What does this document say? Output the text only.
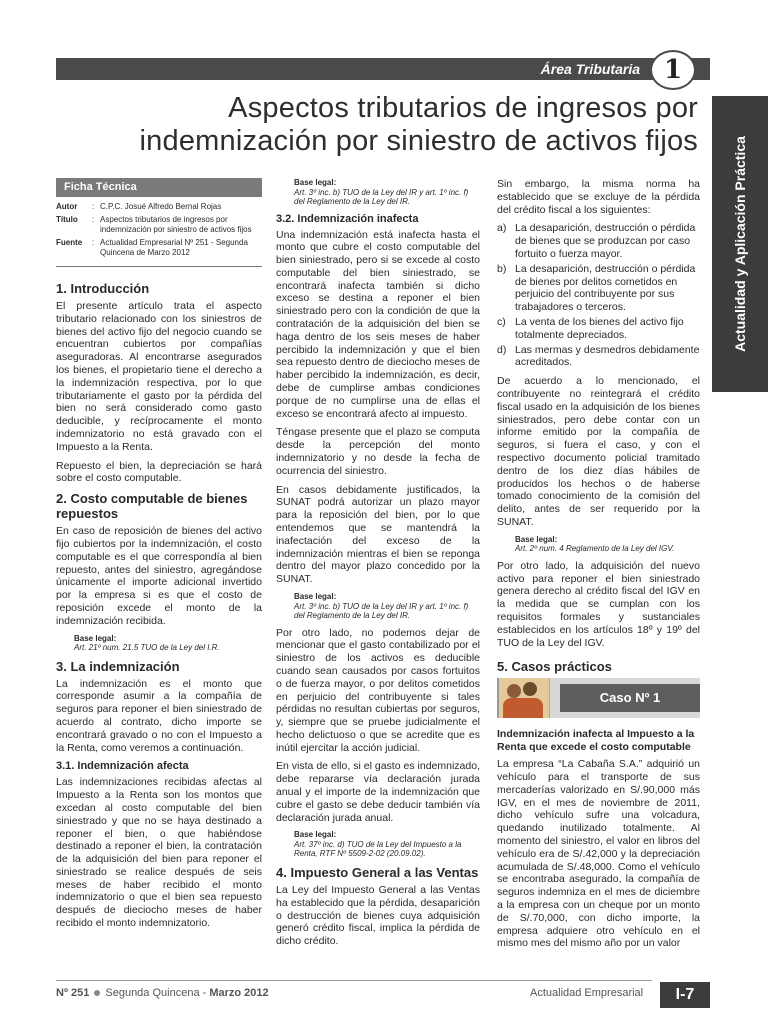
Área Tributaria 1
Actualidad y Aplicación Práctica
Aspectos tributarios de ingresos por
indemnización por siniestro de activos fijos
Ficha Técnica
Autor	: C.P.C. Josué Alfredo Bernal Rojas
Título	: Aspectos tributarios de ingresos por indemnización por siniestro de activos fijos
Fuente	: Actualidad Empresarial Nº 251 - Segunda Quincena de Marzo 2012
1. Introducción

El presente artículo trata el aspecto tributario relacionado con los siniestros de bienes del activo fijo del negocio cuando se encuentran cubiertos por compañías aseguradoras. Al encontrarse asegurados los bienes, el propietario tiene el derecho a la indemnización respectiva, por lo que tributariamente el gasto por la pérdida del bien no será considerado como gasto deducible, y recíprocamente el monto indemnizatorio no está gravado con el Impuesto a la Renta.

Repuesto el bien, la depreciación se hará sobre el costo computable.

2. Costo computable de bienes repuestos

En caso de reposición de bienes del activo fijo cubiertos por la indemnización, el costo computable es el que correspondía al bien repuesto, antes del siniestro, agregándose únicamente el importe adicional invertido por la empresa si es que el costo de reposición excede el monto de la indemnización recibida.

Base legal:
Art. 21º num. 21.5 TUO de la Ley del I.R.
3. La indemnización

La indemnización es el monto que corresponde asumir a la compañía de seguros para reponer el bien siniestrado de acuerdo al contrato, dicho importe se encontrará gravado o no con el Impuesto a la Renta, como veremos a continuación.

3.1. Indemnización afecta

Las indemnizaciones recibidas afectas al Impuesto a la Renta son los montos que excedan al costo computable del bien siniestrado y que no se haya destinado a reponer el bien, o que habiéndose destinado a reponer el bien, la contratación de la adquisición del bien para reponer el siniestrado se realice después de seis meses de haber recibido el monto indemnizatorio o que el bien sea repuesto después de dieciocho meses de haber recibido el monto indemnizatorio.

Base legal:
Art. 3º inc. b) TUO de la Ley del IR y art. 1º inc. f) del Reglamento de la Ley del IR.
3.2. Indemnización inafecta

Una indemnización está inafecta hasta el monto que cubre el costo computable del bien siniestrado, pero si se excede al costo computable del bien siniestrado, se encontrará inafecta también si dicho exceso se destina a reponer el bien siniestrado pero con la condición de que la contratación de la adquisición del bien se haga dentro de los seis meses de haber percibido la indemnización y que el bien sea repuesto dentro de dieciocho meses de haber percibido la indemnización, es decir, debe de cumplirse ambas condiciones porque de no cumplirse una de ellas el exceso se encontrará afecto al impuesto.

Téngase presente que el plazo se computa desde la percepción del monto indemnizatorio y no desde la fecha de ocurrencia del siniestro.

En casos debidamente justificados, la SUNAT podrá autorizar un plazo mayor para la reposición del bien, por lo que entendemos que se mantendrá la inafectación del exceso de la indemnización mientras el bien se reponga dentro del mayor plazo concedido por la SUNAT.

Base legal:
Art. 3º inc. b) TUO de la Ley del IR y art. 1º inc. f) del Reglamento de la Ley del IR.

Por otro lado, no podemos dejar de mencionar que el gasto contabilizado por el siniestro de los activos es deducible cuando sean causados por casos fortuitos o de fuerza mayor, o por delitos cometidos en perjuicio del contribuyente si tales pérdidas no resultan cubiertas por seguros, y, siempre que se pruebe judicialmente el hecho delictuoso o que se acredite que es inútil ejercitar la acción judicial.

En vista de ello, si el gasto es indemnizado, debe repararse vía declaración jurada anual y el importe de la indemnización que cubre el gasto se debe deducir también vía declaración jurada anual.

Base legal:
Art. 37º inc. d) TUO de la Ley del Impuesto a la Renta, RTF Nº 5509-2-02 (20.09.02).
4. Impuesto General a las Ventas

La Ley del Impuesto General a las Ventas ha establecido que la pérdida, desaparición o destrucción de bienes cuya adquisición generó crédito fiscal, implica la pérdida de dicho crédito.

Sin embargo, la misma norma ha establecido que se excluye de la pérdida del crédito fiscal a los siguientes:

a) La desaparición, destrucción o pérdida de bienes que se produzcan por caso fortuito o fuerza mayor.
b) La desaparición, destrucción o pérdida de bienes por delitos cometidos en perjuicio del contribuyente por sus trabajadores o terceros.
c) La venta de los bienes del activo fijo totalmente depreciados.
d) Las mermas y desmedros debidamente acreditados.

De acuerdo a lo mencionado, el contribuyente no reintegrará el crédito fiscal usado en la adquisición de los bienes siniestrados, pero debe contar con un informe emitido por la compañía de seguros, si fuera el caso, y con el respectivo documento policial tramitado dentro de los diez días hábiles de producidos los hechos o de haberse tomado conocimiento de la comisión del delito, antes de ser requerido por la SUNAT.

Base legal:
Art. 2º num. 4 Reglamento de la Ley del IGV.

Por otro lado, la adquisición del nuevo activo para reponer el bien siniestrado genera derecho al crédito fiscal del IGV en la medida que se cumplan con los requisitos formales y sustanciales establecidos en los artículos 18º y 19º del TUO de la Ley del IGV.

5. Casos prácticos
Caso Nº 1
Indemnización inafecta al Impuesto a la Renta que excede el costo computable

La empresa “La Cabaña S.A.” adquirió un vehículo para el transporte de sus mercaderías valorizado en S/.90,000 más IGV, en el mes de noviembre de 2011, dicho vehículo sufre una volcadura, quedando inutilizado totalmente. Al momento del siniestro, el valor en libros del vehículo era de S/.42,000 y la depreciación acumulada de S/.48,000. Como el vehículo se encontraba asegurado, la compañía de seguros indemniza en el mes de diciembre a la empresa con un cheque por un monto de S/.70,000, con dicho importe, la empresa adquiere otro vehículo en el mismo mes del mismo año por un valor

Nº 251 Segunda Quincena - Marzo 2012	Actualidad Empresarial	I-7
